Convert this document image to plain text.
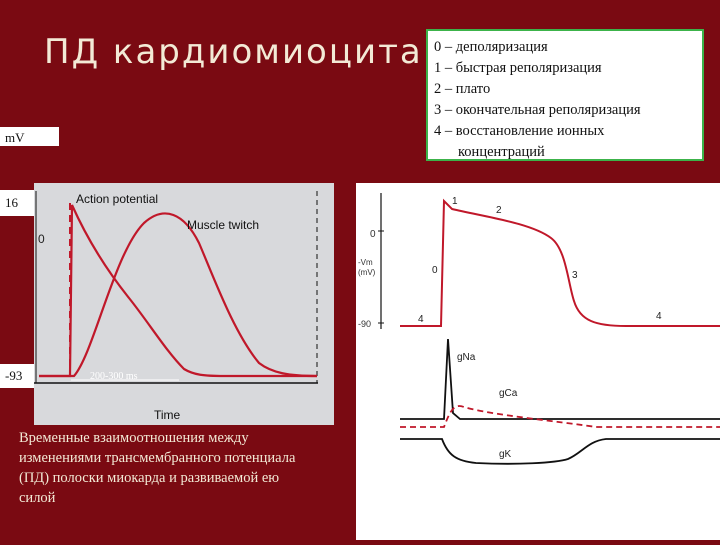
ПД кардиомиоцита 0 – деполяризация
1 – быстрая реполяризация
2 – плато
3 – окончательная реполяризация
4 – восстановление ионных
концентраций
mV
16
-93
0
Action potential
Muscle twitch
200-300 ms
Time
0
-Vm (mV)
-90
0
1
2
3
4	4
gNa
gCa
gK
Временные взаимоотношения между изменениями трансмембранного потенциала (ПД) полоски миокарда и развиваемой ею силой
